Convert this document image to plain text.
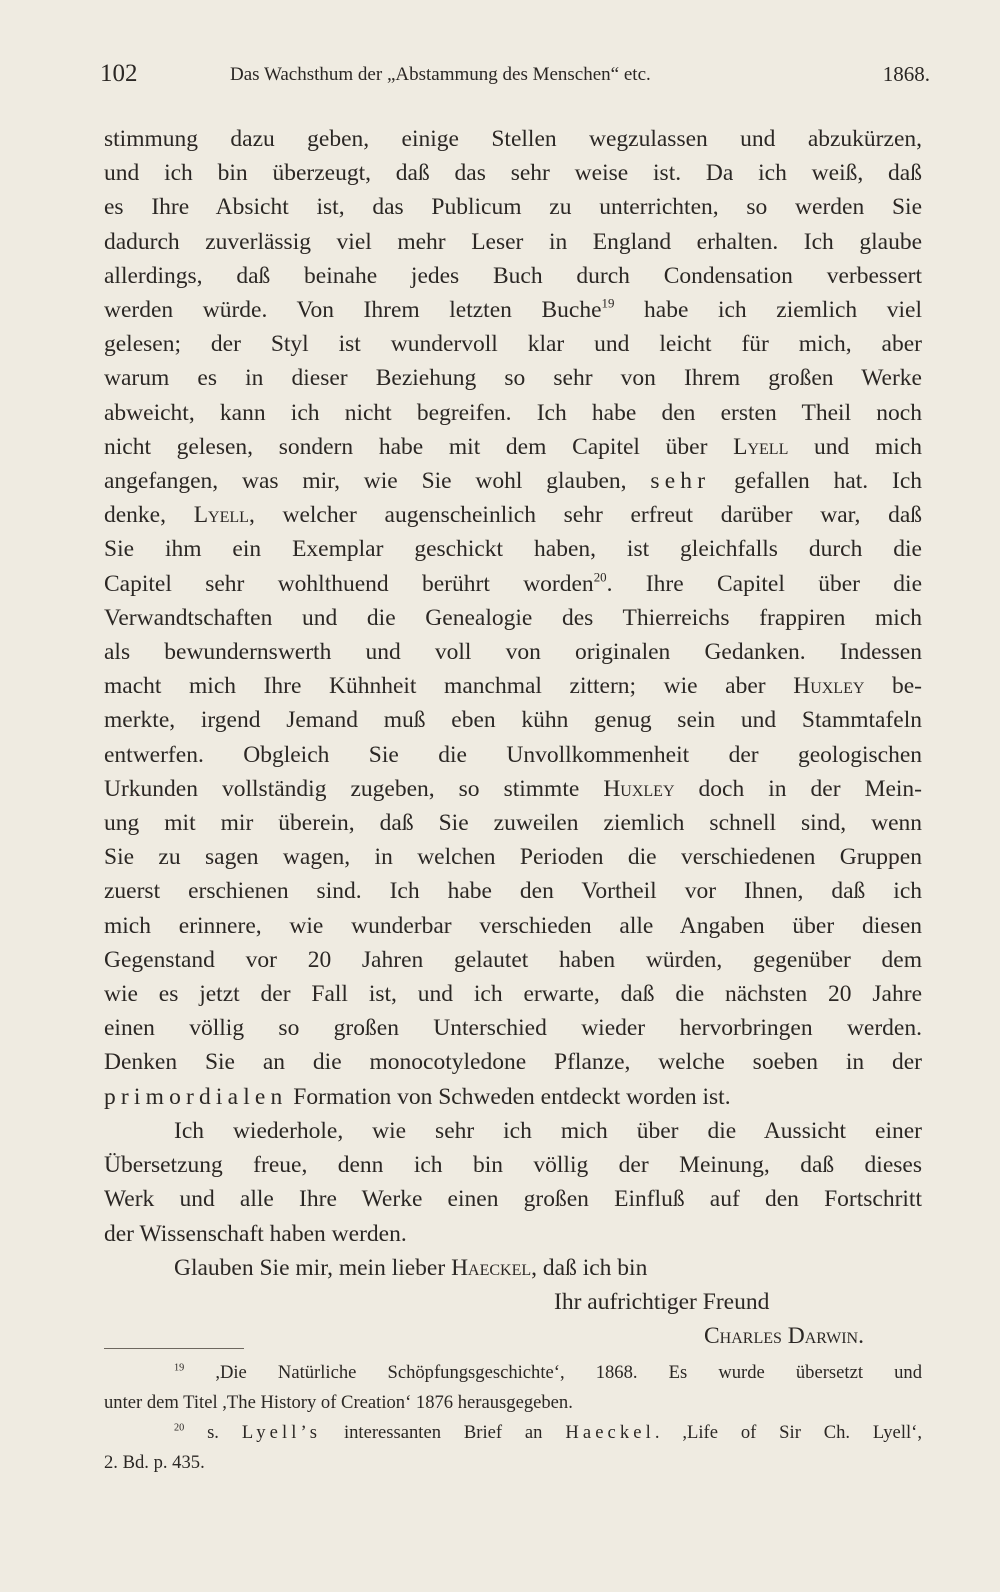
102	Das Wachsthum der „Abstammung des Menschen“ etc.	1868.
stimmung dazu geben, einige Stellen wegzulassen und abzukürzen,
und ich bin überzeugt, daß das sehr weise ist. Da ich weiß, daß
es Ihre Absicht ist, das Publicum zu unterrichten, so werden Sie
dadurch zuverlässig viel mehr Leser in England erhalten. Ich glaube
allerdings, daß beinahe jedes Buch durch Condensation verbessert
werden würde. Von Ihrem letzten Buche$^{19}$ habe ich ziemlich viel
gelesen; der Styl ist wundervoll klar und leicht für mich, aber
warum es in dieser Beziehung so sehr von Ihrem großen Werke
abweicht, kann ich nicht begreifen. Ich habe den ersten Theil noch
nicht gelesen, sondern habe mit dem Capitel über Lyell und mich
angefangen, was mir, wie Sie wohl glauben, sehr gefallen hat. Ich
denke, Lyell, welcher augenscheinlich sehr erfreut darüber war, daß
Sie ihm ein Exemplar geschickt haben, ist gleichfalls durch die
Capitel sehr wohlthuend berührt worden$^{20}$. Ihre Capitel über die
Verwandtschaften und die Genealogie des Thierreichs frappiren mich
als bewundernswerth und voll von originalen Gedanken. Indessen
macht mich Ihre Kühnheit manchmal zittern; wie aber Huxley be-
merkte, irgend Jemand muß eben kühn genug sein und Stammtafeln
entwerfen. Obgleich Sie die Unvollkommenheit der geologischen
Urkunden vollständig zugeben, so stimmte Huxley doch in der Mein-
ung mit mir überein, daß Sie zuweilen ziemlich schnell sind, wenn
Sie zu sagen wagen, in welchen Perioden die verschiedenen Gruppen
zuerst erschienen sind. Ich habe den Vortheil vor Ihnen, daß ich
mich erinnere, wie wunderbar verschieden alle Angaben über diesen
Gegenstand vor 20 Jahren gelautet haben würden, gegenüber dem
wie es jetzt der Fall ist, und ich erwarte, daß die nächsten 20 Jahre
einen völlig so großen Unterschied wieder hervorbringen werden.
Denken Sie an die monocotyledone Pflanze, welche soeben in der
primordialen Formation von Schweden entdeckt worden ist.
Ich wiederhole, wie sehr ich mich über die Aussicht einer
Übersetzung freue, denn ich bin völlig der Meinung, daß dieses
Werk und alle Ihre Werke einen großen Einfluß auf den Fortschritt
der Wissenschaft haben werden.
Glauben Sie mir, mein lieber Haeckel, daß ich bin
Ihr aufrichtiger Freund
Charles Darwin.
$^{19}$ ,Die Natürliche Schöpfungsgeschichte‘, 1868. Es wurde übersetzt und
unter dem Titel ,The History of Creation‘ 1876 herausgegeben.
$^{20}$ s. Lyell’s interessanten Brief an Haeckel. ,Life of Sir Ch. Lyell‘,
2. Bd. p. 435.
